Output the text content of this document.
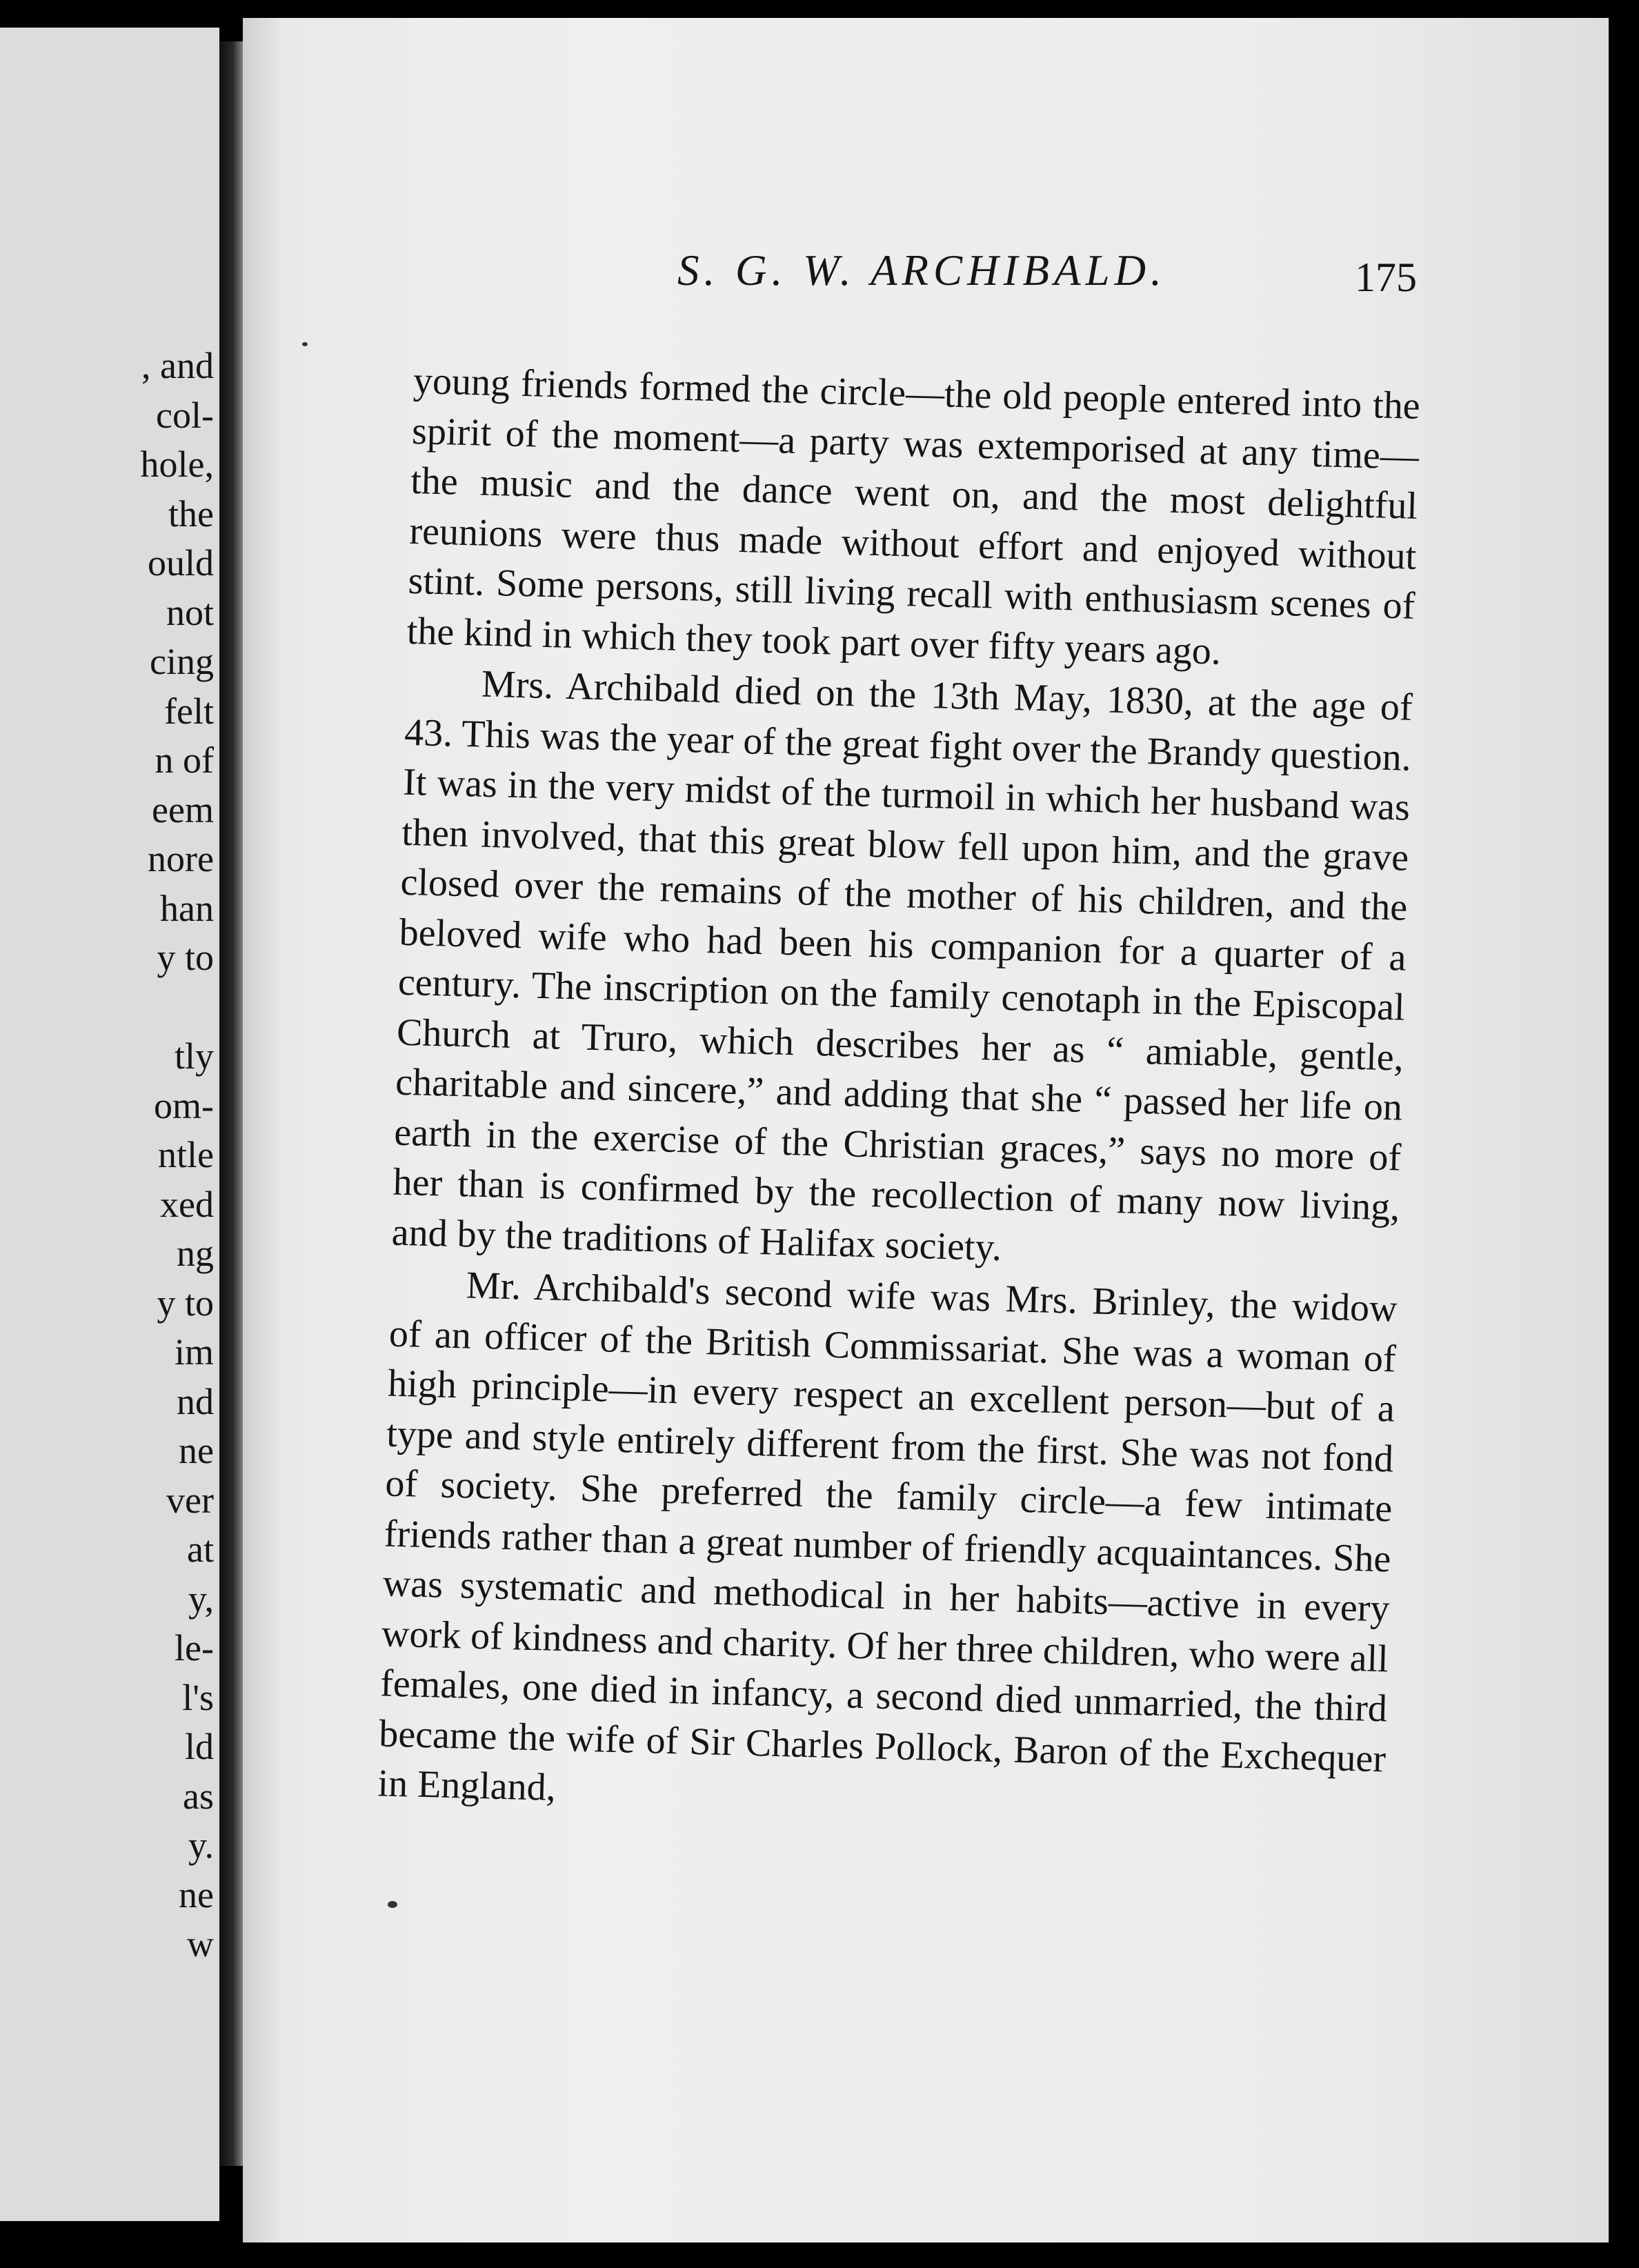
, and
col-
hole,
the
ould
not
cing
felt
n of
eem
nore
han
y to

tly
om-
ntle
xed
ng
y to
im
nd
ne
ver
at
y,
le-
l's
ld
as
y.
ne
w
S. G. W. ARCHIBALD.	175

young friends formed the circle—the old people entered into the spirit of the moment—a party was extemporised at any time—the music and the dance went on, and the most delightful reunions were thus made without effort and enjoyed without stint. Some persons, still living recall with enthusiasm scenes of the kind in which they took part over fifty years ago.

Mrs. Archibald died on the 13th May, 1830, at the age of 43. This was the year of the great fight over the Brandy question. It was in the very midst of the turmoil in which her husband was then involved, that this great blow fell upon him, and the grave closed over the remains of the mother of his children, and the beloved wife who had been his companion for a quarter of a century. The inscription on the family cenotaph in the Episcopal Church at Truro, which describes her as “ amiable, gentle, charitable and sincere,” and adding that she “ passed her life on earth in the exercise of the Christian graces,” says no more of her than is confirmed by the recollection of many now living, and by the traditions of Halifax society.

Mr. Archibald's second wife was Mrs. Brinley, the widow of an officer of the British Commissariat. She was a woman of high principle—in every respect an excellent person—but of a type and style entirely different from the first. She was not fond of society. She preferred the family circle—a few intimate friends rather than a great number of friendly acquaintances. She was systematic and methodical in her habits—active in every work of kindness and charity. Of her three children, who were all females, one died in infancy, a second died unmarried, the third became the wife of Sir Charles Pollock, Baron of the Exchequer in England,
